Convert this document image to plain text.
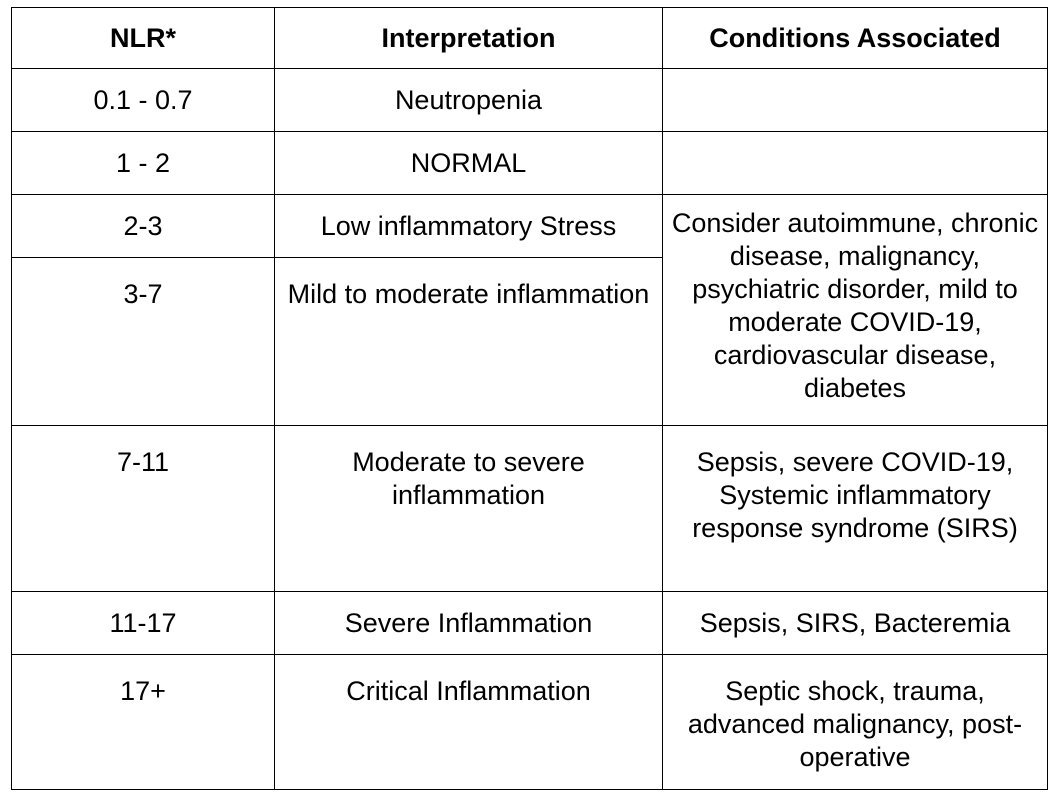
NLR*	Interpretation	Conditions Associated
0.1 - 0.7	Neutropenia	
1 - 2	NORMAL	
2-3	Low inflammatory Stress	Consider autoimmune, chronic disease, malignancy, psychiatric disorder, mild to moderate COVID-19, cardiovascular disease, diabetes
3-7	Mild to moderate inflammation	
7-11	Moderate to severe inflammation	Sepsis, severe COVID-19, Systemic inflammatory response syndrome (SIRS)
11-17	Severe Inflammation	Sepsis, SIRS, Bacteremia
17+	Critical Inflammation	Septic shock, trauma, advanced malignancy, post-operative
